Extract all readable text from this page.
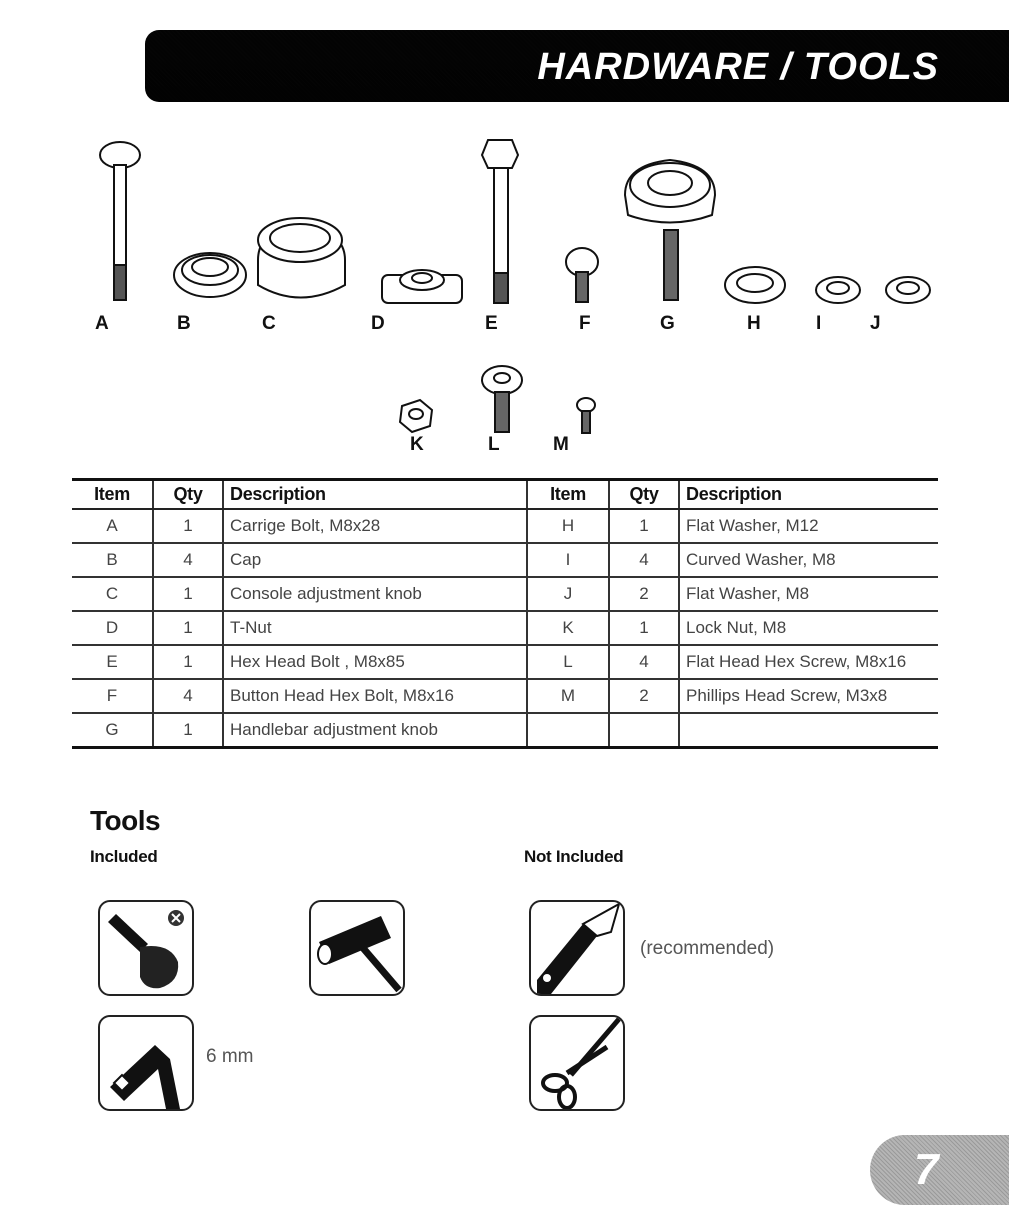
HARDWARE / TOOLS
A	B	C	D	E	F	G	H	I	J
K	L	M
Item	Qty	Description	Item	Qty	Description
A	1	Carrige Bolt, M8x28	H	1	Flat Washer, M12
B	4	Cap	I	4	Curved Washer, M8
C	1	Console adjustment knob	J	2	Flat Washer, M8
D	1	T-Nut	K	1	Lock Nut, M8
E	1	Hex Head Bolt , M8x85	L	4	Flat Head Hex Screw, M8x16
F	4	Button Head Hex Bolt, M8x16	M	2	Phillips Head Screw, M3x8
G	1	Handlebar adjustment knob			
Tools
Included	Not Included
6 mm
(recommended)
7
